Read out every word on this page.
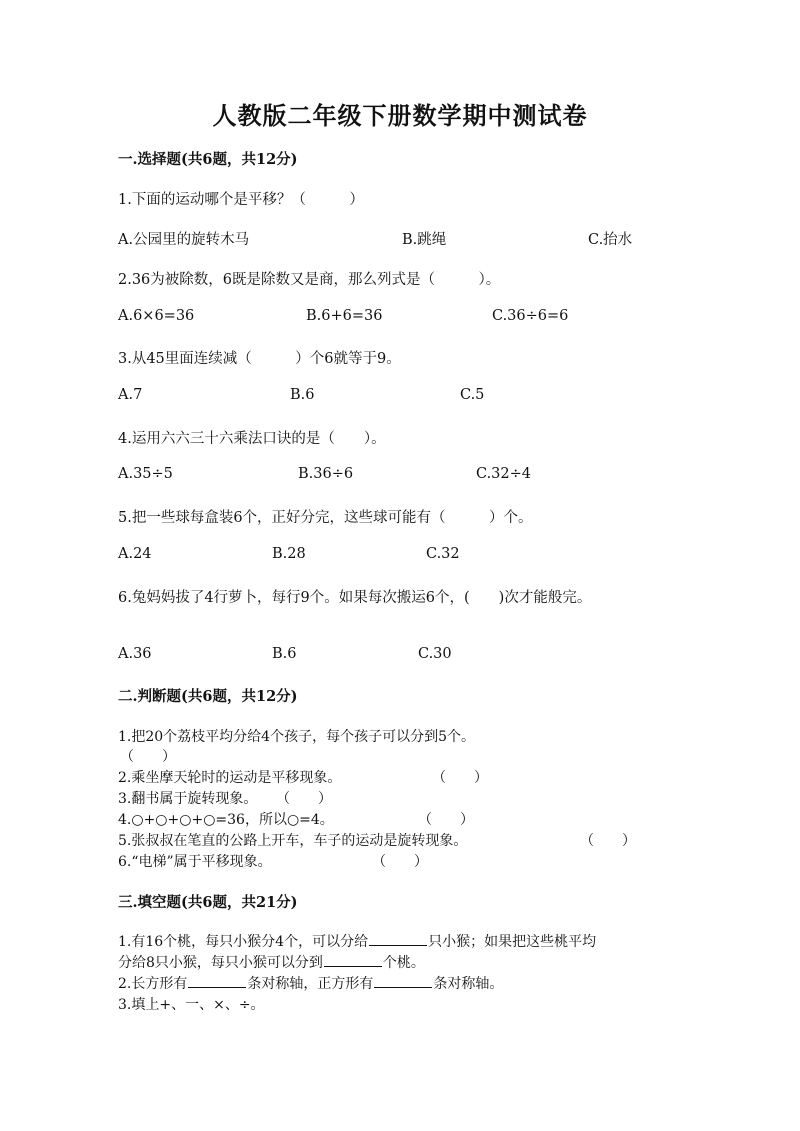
人教版二年级下册数学期中测试卷
一.选择题(共6题，共12分)
1.下面的运动哪个是平移？（　　　）
A.公园里的旋转木马	B.跳绳	C.抬水
2.36为被除数，6既是除数又是商，那么列式是（　　　）。
A.6×6=36	B.6+6=36	C.36÷6=6
3.从45里面连续减（　　　）个6就等于9。
A.7	B.6	C.5
4.运用六六三十六乘法口诀的是（　　）。
A.35÷5	B.36÷6	C.32÷4
5.把一些球每盒装6个，正好分完，这些球可能有（　　　）个。
A.24	B.28	C.32
6.兔妈妈拔了4行萝卜，每行9个。如果每次搬运6个，(　　)次才能般完。
A.36	B.6	C.30
二.判断题(共6题，共12分)
1.把20个荔枝平均分给4个孩子，每个孩子可以分到5个。
（　　）
2.乘坐摩天轮时的运动是平移现象。	（　　）
3.翻书属于旋转现象。 （　　）
4.○+○+○+○=36，所以○=4。	（　　）
5.张叔叔在笔直的公路上开车，车子的运动是旋转现象。	（　　）
6.“电梯”属于平移现象。	（　　）
三.填空题(共6题，共21分)
1.有16个桃，每只小猴分4个，可以分给	只小猴；如果把这些桃平均
分给8只小猴，每只小猴可以分到	个桃。
2.长方形有	条对称轴，正方形有	条对称轴。
3.填上+、一、×、÷。
